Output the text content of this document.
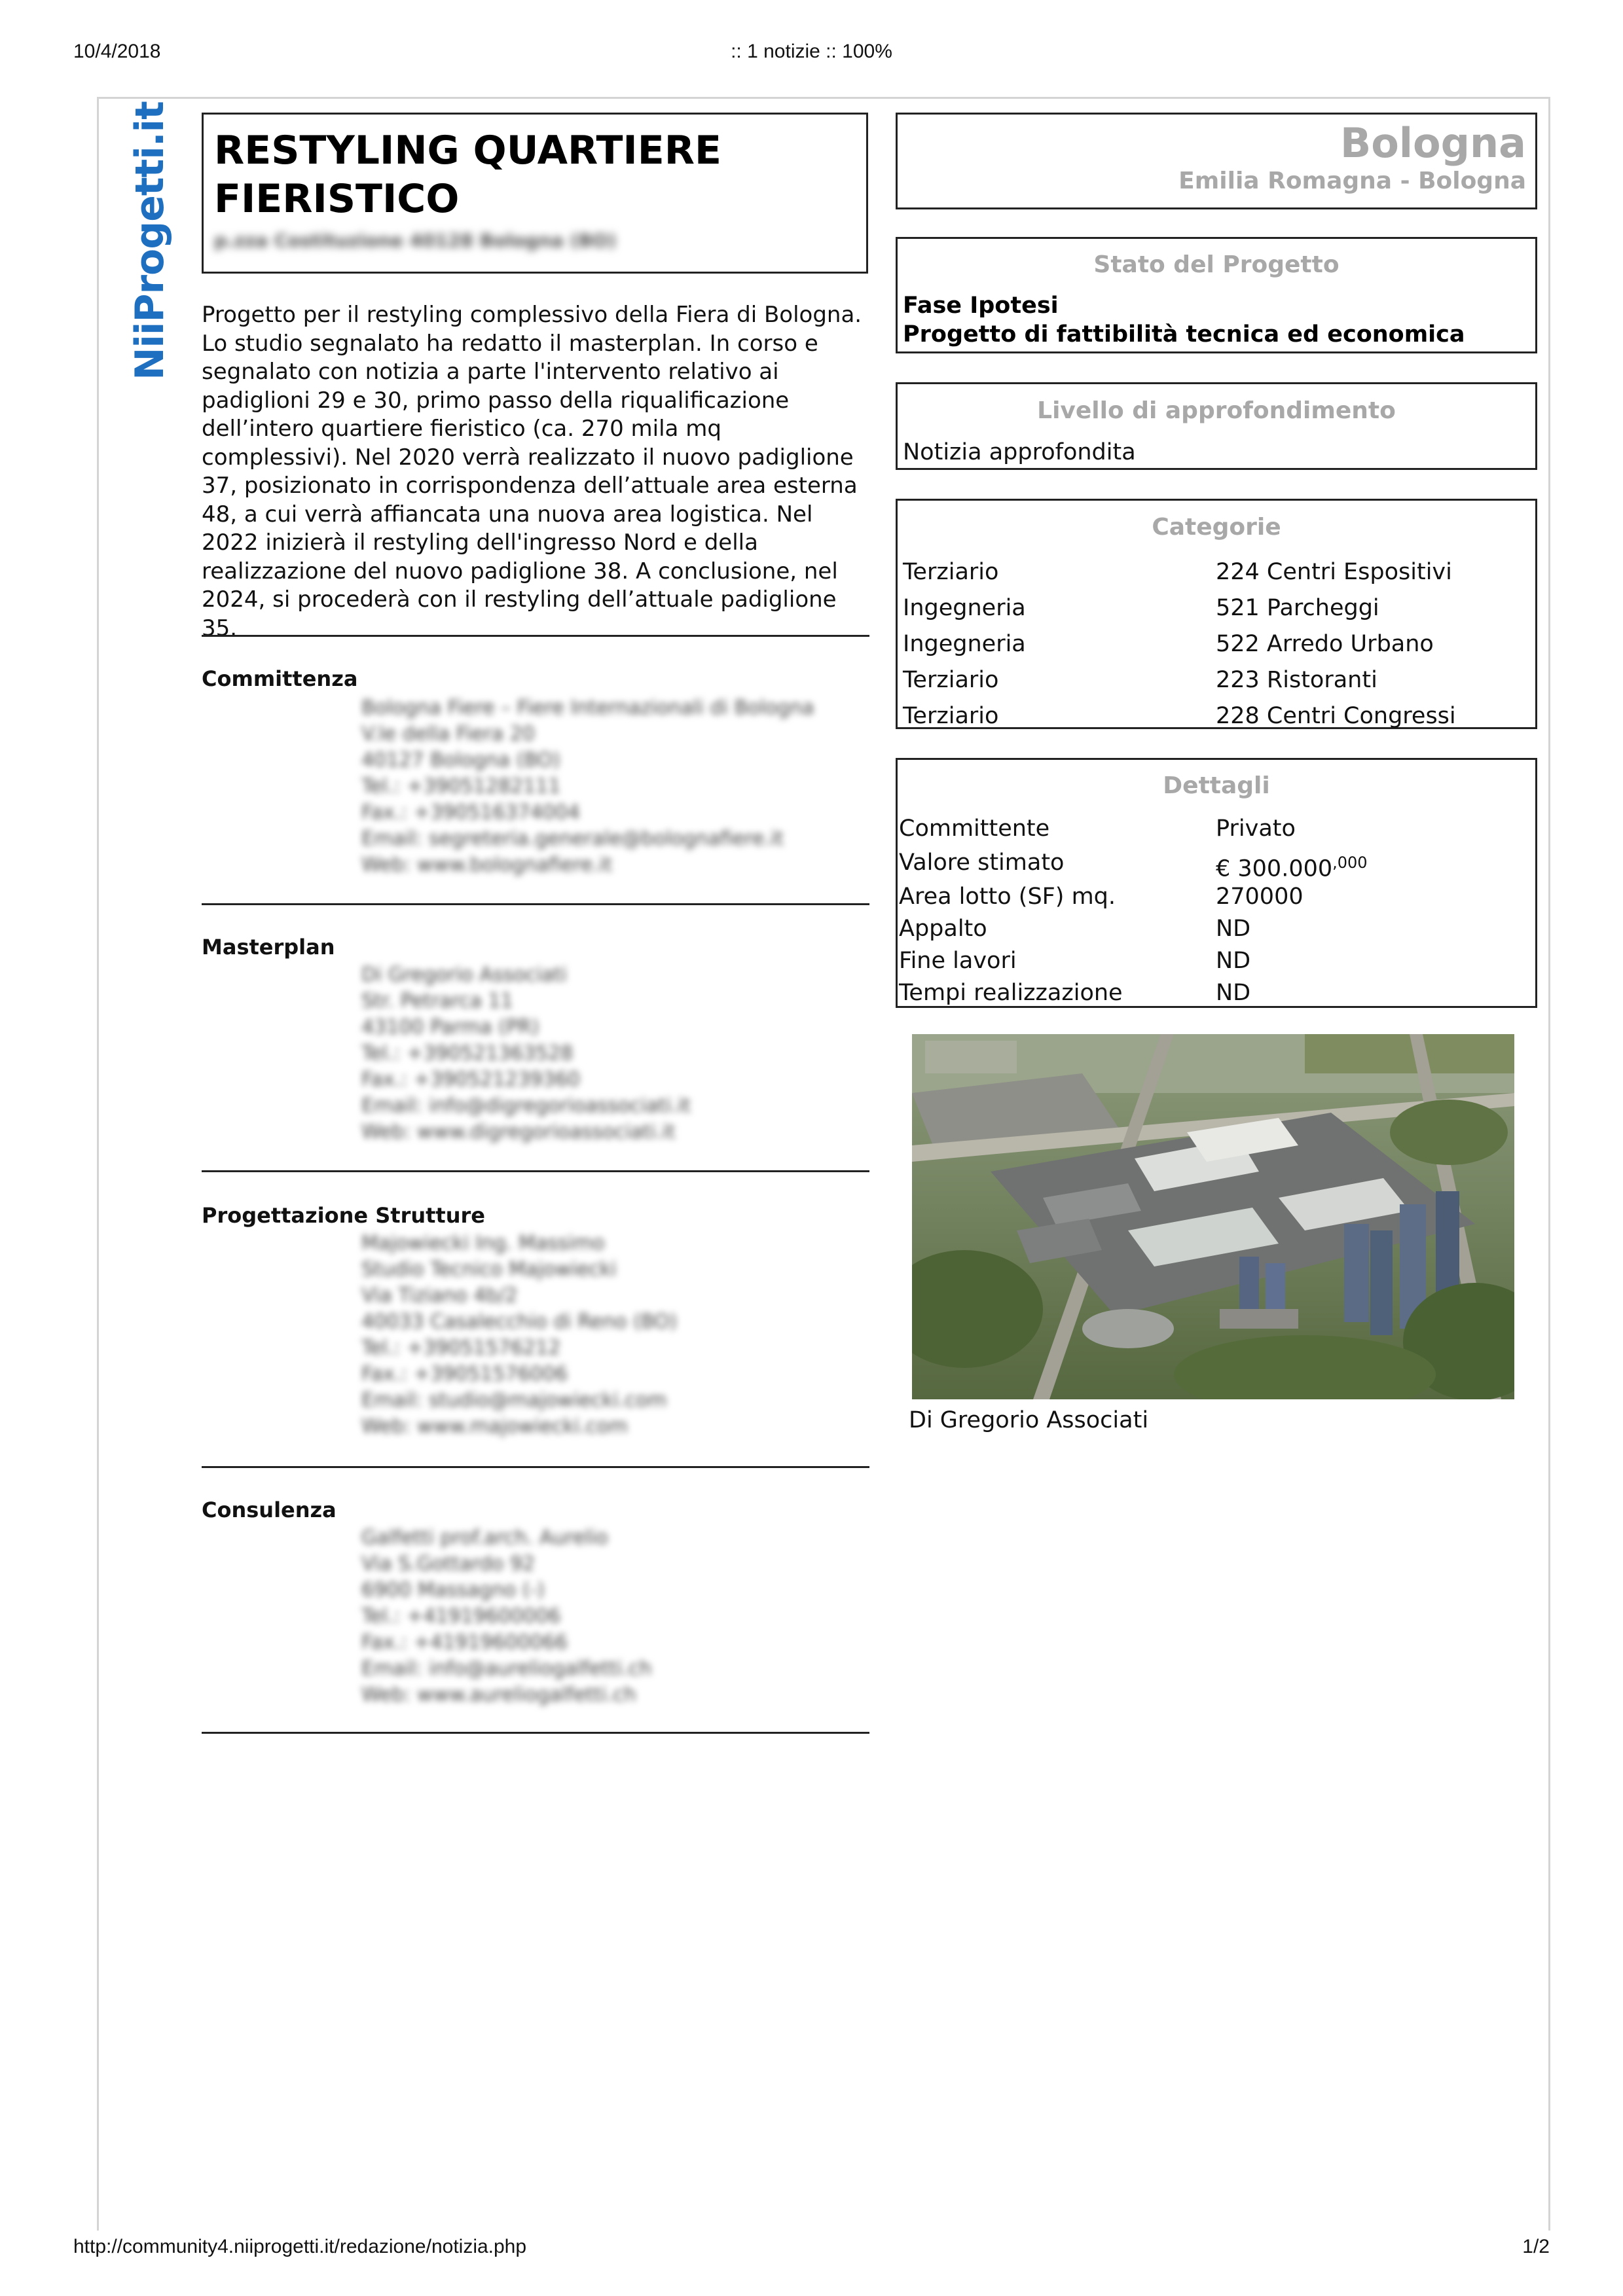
10/4/2018	:: 1 notizie :: 100%
NiiProgetti.it RESTYLING QUARTIERE FIERISTICO
p.zza Costituzione 40128 Bologna (BO)

Progetto per il restyling complessivo della Fiera di Bologna. Lo studio segnalato ha redatto il masterplan. In corso e segnalato con notizia a parte l'intervento relativo ai padiglioni 29 e 30, primo passo della riqualificazione dell’intero quartiere fieristico (ca. 270 mila mq complessivi). Nel 2020 verrà realizzato il nuovo padiglione 37, posizionato in corrispondenza dell’attuale area esterna 48, a cui verrà affiancata una nuova area logistica. Nel 2022 inizierà il restyling dell'ingresso Nord e della realizzazione del nuovo padiglione 38. A conclusione, nel 2024, si procederà con il restyling dell’attuale padiglione 35.

Committenza
Bologna Fiere – Fiere Internazionali di Bologna
V.le della Fiera 20
40127 Bologna (BO)
Tel.: +39051282111
Fax.: +390516374004
Email: segreteria.generale@bolognafiere.it
Web: www.bolognafiere.it
Masterplan
Di Gregorio Associati
Str. Petrarca 11
43100 Parma (PR)
Tel.: +390521363528
Fax.: +390521239360
Email: info@digregorioassociati.it
Web: www.digregorioassociati.it
Progettazione Strutture
Majowiecki Ing. Massimo
Studio Tecnico Majowiecki
Via Tiziano 4b/2
40033 Casalecchio di Reno (BO)
Tel.: +39051576212
Fax.: +39051576006
Email: studio@majowiecki.com
Web: www.majowiecki.com
Consulenza
Galfetti prof.arch. Aurelio
Via S.Gottardo 92
6900 Massagno (-)
Tel.: +41919600006
Fax.: +41919600066
Email: info@aureliogalfetti.ch
Web: www.aureliogalfetti.ch
Bologna
Emilia Romagna - Bologna
Stato del Progetto
Fase Ipotesi
Progetto di fattibilità tecnica ed economica
Livello di approfondimento
Notizia approfondita
Categorie
Terziario	224 Centri Espositivi
Ingegneria	521 Parcheggi
Ingegneria	522 Arredo Urbano
Terziario	223 Ristoranti
Terziario	228 Centri Congressi
Dettagli
Committente	Privato
Valore stimato	€ $300.000^{,000}$
Area lotto (SF) mq.	270000
Appalto	ND
Fine lavori	ND
Tempi realizzazione	ND
Di Gregorio Associati
http://community4.niiprogetti.it/redazione/notizia.php	1/2
